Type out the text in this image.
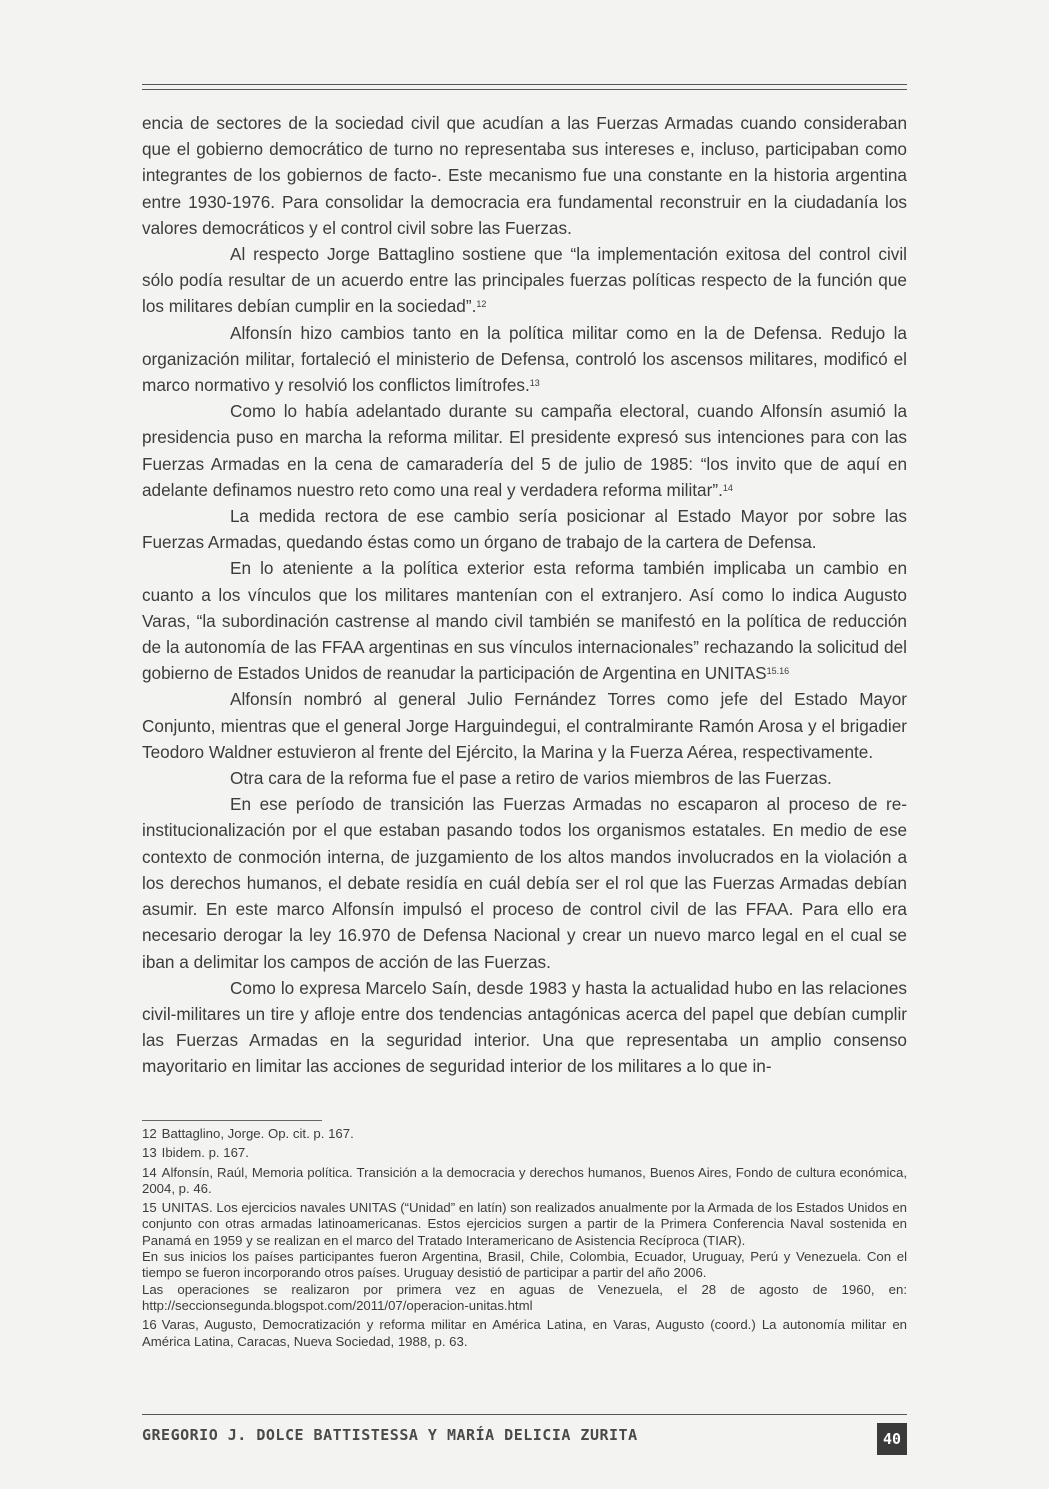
encia de sectores de la sociedad civil que acudían a las Fuerzas Armadas cuando consideraban que el gobierno democrático de turno no representaba sus intereses e, incluso, participaban como integrantes de los gobiernos de facto-. Este mecanismo fue una constante en la historia argentina entre 1930-1976. Para consolidar la democracia era fundamental reconstruir en la ciudadanía los valores democráticos y el control civil sobre las Fuerzas.

Al respecto Jorge Battaglino sostiene que “la implementación exitosa del control civil sólo podía resultar de un acuerdo entre las principales fuerzas políticas respecto de la función que los militares debían cumplir en la sociedad”.$^{12}$

Alfonsín hizo cambios tanto en la política militar como en la de Defensa. Redujo la organización militar, fortaleció el ministerio de Defensa, controló los ascensos militares, modificó el marco normativo y resolvió los conflictos limítrofes.$^{13}$

Como lo había adelantado durante su campaña electoral, cuando Alfonsín asumió la presidencia puso en marcha la reforma militar. El presidente expresó sus intenciones para con las Fuerzas Armadas en la cena de camaradería del 5 de julio de 1985: “los invito que de aquí en adelante definamos nuestro reto como una real y verdadera reforma militar”.$^{14}$

La medida rectora de ese cambio sería posicionar al Estado Mayor por sobre las Fuerzas Armadas, quedando éstas como un órgano de trabajo de la cartera de Defensa.

En lo ateniente a la política exterior esta reforma también implicaba un cambio en cuanto a los vínculos que los militares mantenían con el extranjero. Así como lo indica Augusto Varas, “la subordinación castrense al mando civil también se manifestó en la política de reducción de la autonomía de las FFAA argentinas en sus vínculos internacionales” rechazando la solicitud del gobierno de Estados Unidos de reanudar la participación de Argentina en $UNITAS^{15.16}$

Alfonsín nombró al general Julio Fernández Torres como jefe del Estado Mayor Conjunto, mientras que el general Jorge Harguindegui, el contralmirante Ramón Arosa y el brigadier Teodoro Waldner estuvieron al frente del Ejército, la Marina y la Fuerza Aérea, respectivamente.

Otra cara de la reforma fue el pase a retiro de varios miembros de las Fuerzas.

En ese período de transición las Fuerzas Armadas no escaparon al proceso de reinstitucionalización por el que estaban pasando todos los organismos estatales. En medio de ese contexto de conmoción interna, de juzgamiento de los altos mandos involucrados en la violación a los derechos humanos, el debate residía en cuál debía ser el rol que las Fuerzas Armadas debían asumir. En este marco Alfonsín impulsó el proceso de control civil de las FFAA. Para ello era necesario derogar la ley 16.970 de Defensa Nacional y crear un nuevo marco legal en el cual se iban a delimitar los campos de acción de las Fuerzas.

Como lo expresa Marcelo Saín, desde 1983 y hasta la actualidad hubo en las relaciones civil-militares un tire y afloje entre dos tendencias antagónicas acerca del papel que debían cumplir las Fuerzas Armadas en la seguridad interior. Una que representaba un amplio consenso mayoritario en limitar las acciones de seguridad interior de los militares a lo que in-

12 Battaglino, Jorge. Op. cit. p. 167.

13 Ibidem. p. 167.

14 Alfonsín, Raúl, Memoria política. Transición a la democracia y derechos humanos, Buenos Aires, Fondo de cultura económica, 2004, p. 46.

15 UNITAS. Los ejercicios navales UNITAS (“Unidad” en latín) son realizados anualmente por la Armada de los Estados Unidos en conjunto con otras armadas latinoamericanas. Estos ejercicios surgen a partir de la Primera Conferencia Naval sostenida en Panamá en 1959 y se realizan en el marco del Tratado Interamericano de Asistencia Recíproca (TIAR).

En sus inicios los países participantes fueron Argentina, Brasil, Chile, Colombia, Ecuador, Uruguay, Perú y Venezuela. Con el tiempo se fueron incorporando otros países. Uruguay desistió de participar a partir del año 2006.

Las operaciones se realizaron por primera vez en aguas de Venezuela, el 28 de agosto de 1960, en: http://seccionsegunda.blogspot.com/2011/07/operacion-unitas.html

16 Varas, Augusto, Democratización y reforma militar en América Latina, en Varas, Augusto (coord.) La autonomía militar en América Latina, Caracas, Nueva Sociedad, 1988, p. 63.

GREGORIO J. DOLCE BATTISTESSA Y MARÍA DELICIA ZURITA	40
